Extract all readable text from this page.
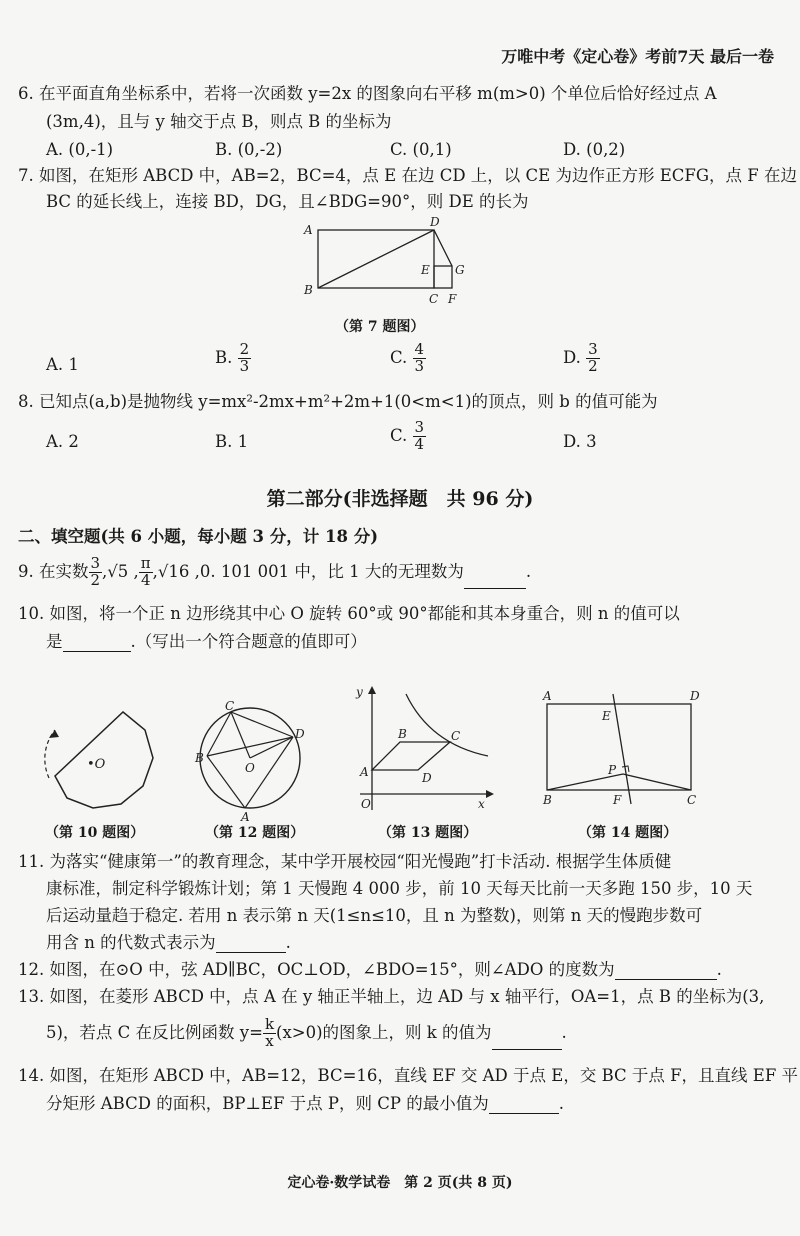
万唯中考《定心卷》考前7天 最后一卷
6. 在平面直角坐标系中，若将一次函数 y=2x 的图象向右平移 m(m>0) 个单位后恰好经过点 A
(3m,4)，且与 y 轴交于点 B，则点 B 的坐标为
A. (0,-1)	B. (0,-2)	C. (0,1)	D. (0,2)
7. 如图，在矩形 ABCD 中，AB=2，BC=4，点 E 在边 CD 上，以 CE 为边作正方形 ECFG，点 F 在边
BC 的延长线上，连接 BD，DG，且∠BDG=90°，则 DE 的长为
A
D
E G
B
C F
（第 7 题图）
A. 1	B. $\frac{2}{3}$	C. $\frac{4}{3}$	D. $\frac{3}{2}$
8. 已知点(a,b)是抛物线 y=mx²-2mx+m²+2m+1(0<m<1)的顶点，则 b 的值可能为
A. 2	B. 1	C. $\frac{3}{4}$	D. 3
第二部分(非选择题　共 96 分)
二、填空题(共 6 小题，每小题 3 分，计 18 分)
9. 在实数 $\frac{3}{2} ,√5$ , $\frac{\pi}{4} ,√16$ ,0. 101 001 中，比 1 大的无理数为	.
10. 如图，将一个正 n 边形绕其中心 O 旋转 60°或 90°都能和其本身重合，则 n 的值可以
是	.（写出一个符合题意的值即可）
•O
（第 10 题图）
C
B
D
O
A
（第 12 题图）
y
B	C
A	D
O	x
（第 13 题图）
A	D
E
P
B	F	C
（第 14 题图）
11. 为落实“健康第一”的教育理念，某中学开展校园“阳光慢跑”打卡活动. 根据学生体质健
康标准，制定科学锻炼计划；第 1 天慢跑 4 000 步，前 10 天每天比前一天多跑 150 步，10 天
后运动量趋于稳定. 若用 n 表示第 n 天(1≤n≤10，且 n 为整数)，则第 n 天的慢跑步数可
用含 n 的代数式表示为	.
12. 如图，在⊙O 中，弦 AD∥BC，OC⊥OD，∠BDO=15°，则∠ADO 的度数为	.
13. 如图，在菱形 ABCD 中，点 A 在 y 轴正半轴上，边 AD 与 x 轴平行，OA=1，点 B 的坐标为(3,
5)，若点 C 在反比例函数 $y= \frac{k}{x} (x>0)$的图象上，则 k 的值为	.
14. 如图，在矩形 ABCD 中，AB=12，BC=16，直线 EF 交 AD 于点 E，交 BC 于点 F，且直线 EF 平
分矩形 ABCD 的面积，BP⊥EF 于点 P，则 CP 的最小值为	.
定心卷·数学试卷　第 2 页(共 8 页)
